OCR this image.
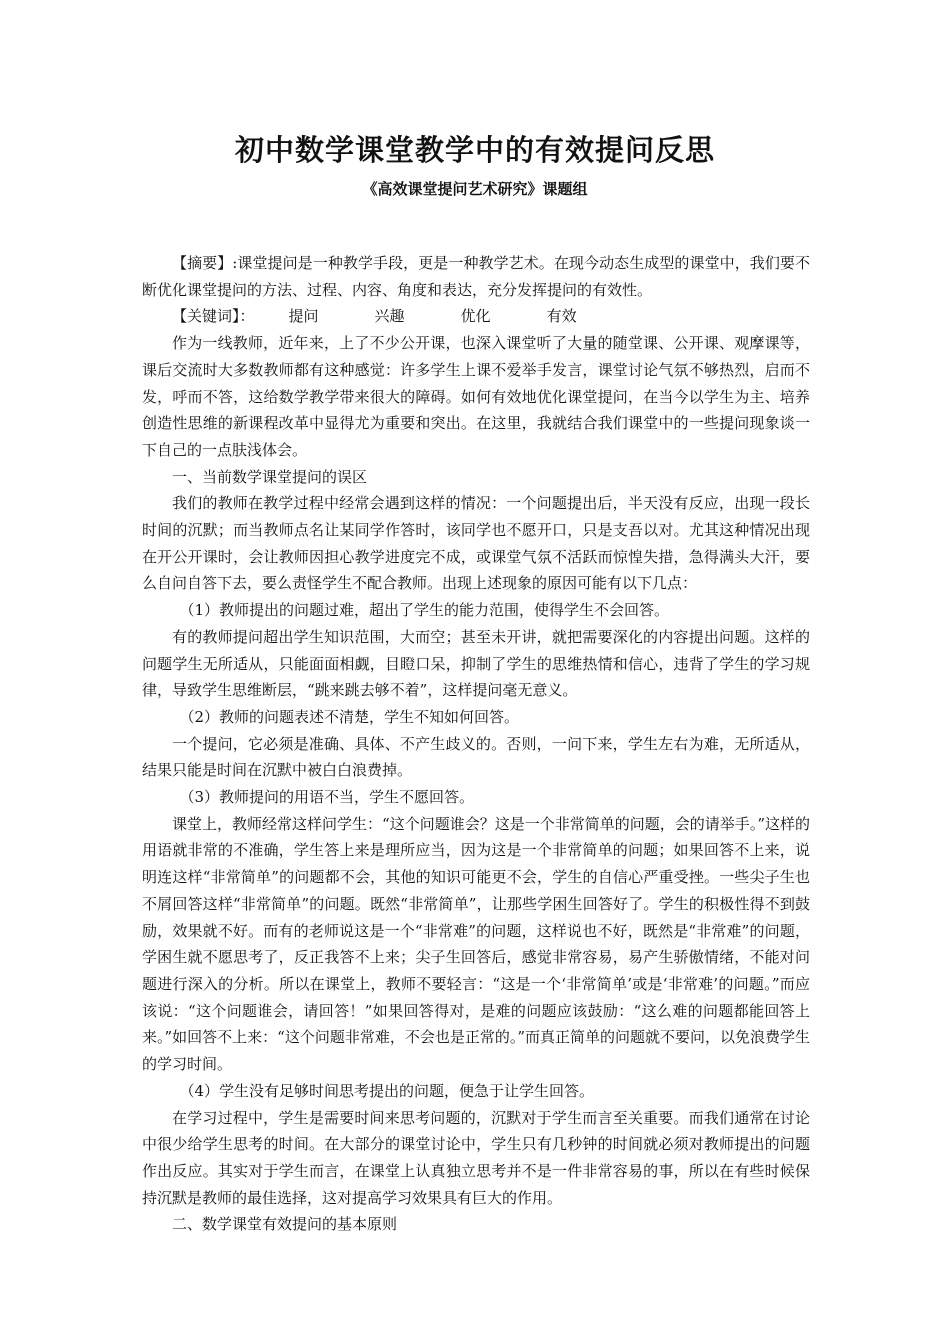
初中数学课堂教学中的有效提问反思
《高效课堂提问艺术研究》课题组

【摘要】:课堂提问是一种教学手段，更是一种教学艺术。在现今动态生成型的课堂中，我们要不断优化课堂提问的方法、过程、内容、角度和表达，充分发挥提问的有效性。

【关键词】： 提问	兴趣	优化	有效

作为一线教师，近年来，上了不少公开课，也深入课堂听了大量的随堂课、公开课、观摩课等，课后交流时大多数教师都有这种感觉：许多学生上课不爱举手发言，课堂讨论气氛不够热烈，启而不发，呼而不答，这给数学教学带来很大的障碍。如何有效地优化课堂提问，在当今以学生为主、培养创造性思维的新课程改革中显得尤为重要和突出。在这里，我就结合我们课堂中的一些提问现象谈一下自己的一点肤浅体会。

一、当前数学课堂提问的误区

我们的教师在教学过程中经常会遇到这样的情况：一个问题提出后，半天没有反应，出现一段长时间的沉默；而当教师点名让某同学作答时，该同学也不愿开口，只是支吾以对。尤其这种情况出现在开公开课时，会让教师因担心教学进度完不成，或课堂气氛不活跃而惊惶失措，急得满头大汗，要么自问自答下去，要么责怪学生不配合教师。出现上述现象的原因可能有以下几点：

（1）教师提出的问题过难，超出了学生的能力范围，使得学生不会回答。

有的教师提问超出学生知识范围，大而空；甚至未开讲，就把需要深化的内容提出问题。这样的问题学生无所适从，只能面面相觑，目瞪口呆，抑制了学生的思维热情和信心，违背了学生的学习规律，导致学生思维断层，“跳来跳去够不着”，这样提问毫无意义。

（2）教师的问题表述不清楚，学生不知如何回答。

一个提问，它必须是准确、具体、不产生歧义的。否则，一问下来，学生左右为难，无所适从，结果只能是时间在沉默中被白白浪费掉。

（3）教师提问的用语不当，学生不愿回答。

课堂上，教师经常这样问学生：“这个问题谁会？这是一个非常简单的问题，会的请举手。”这样的用语就非常的不准确，学生答上来是理所应当，因为这是一个非常简单的问题；如果回答不上来，说明连这样“非常简单”的问题都不会，其他的知识可能更不会，学生的自信心严重受挫。一些尖子生也不屑回答这样“非常简单”的问题。既然“非常简单”，让那些学困生回答好了。学生的积极性得不到鼓励，效果就不好。而有的老师说这是一个“非常难”的问题，这样说也不好，既然是“非常难”的问题，学困生就不愿思考了，反正我答不上来；尖子生回答后，感觉非常容易，易产生骄傲情绪，不能对问题进行深入的分析。所以在课堂上，教师不要轻言：“这是一个‘非常简单’或是‘非常难’的问题。”而应该说：“这个问题谁会，请回答！”如果回答得对，是难的问题应该鼓励：“这么难的问题都能回答上来。”如回答不上来：“这个问题非常难，不会也是正常的。”而真正简单的问题就不要问，以免浪费学生的学习时间。

（4）学生没有足够时间思考提出的问题，便急于让学生回答。

在学习过程中，学生是需要时间来思考问题的，沉默对于学生而言至关重要。而我们通常在讨论中很少给学生思考的时间。在大部分的课堂讨论中，学生只有几秒钟的时间就必须对教师提出的问题作出反应。其实对于学生而言，在课堂上认真独立思考并不是一件非常容易的事，所以在有些时候保持沉默是教师的最佳选择，这对提高学习效果具有巨大的作用。

二、数学课堂有效提问的基本原则
